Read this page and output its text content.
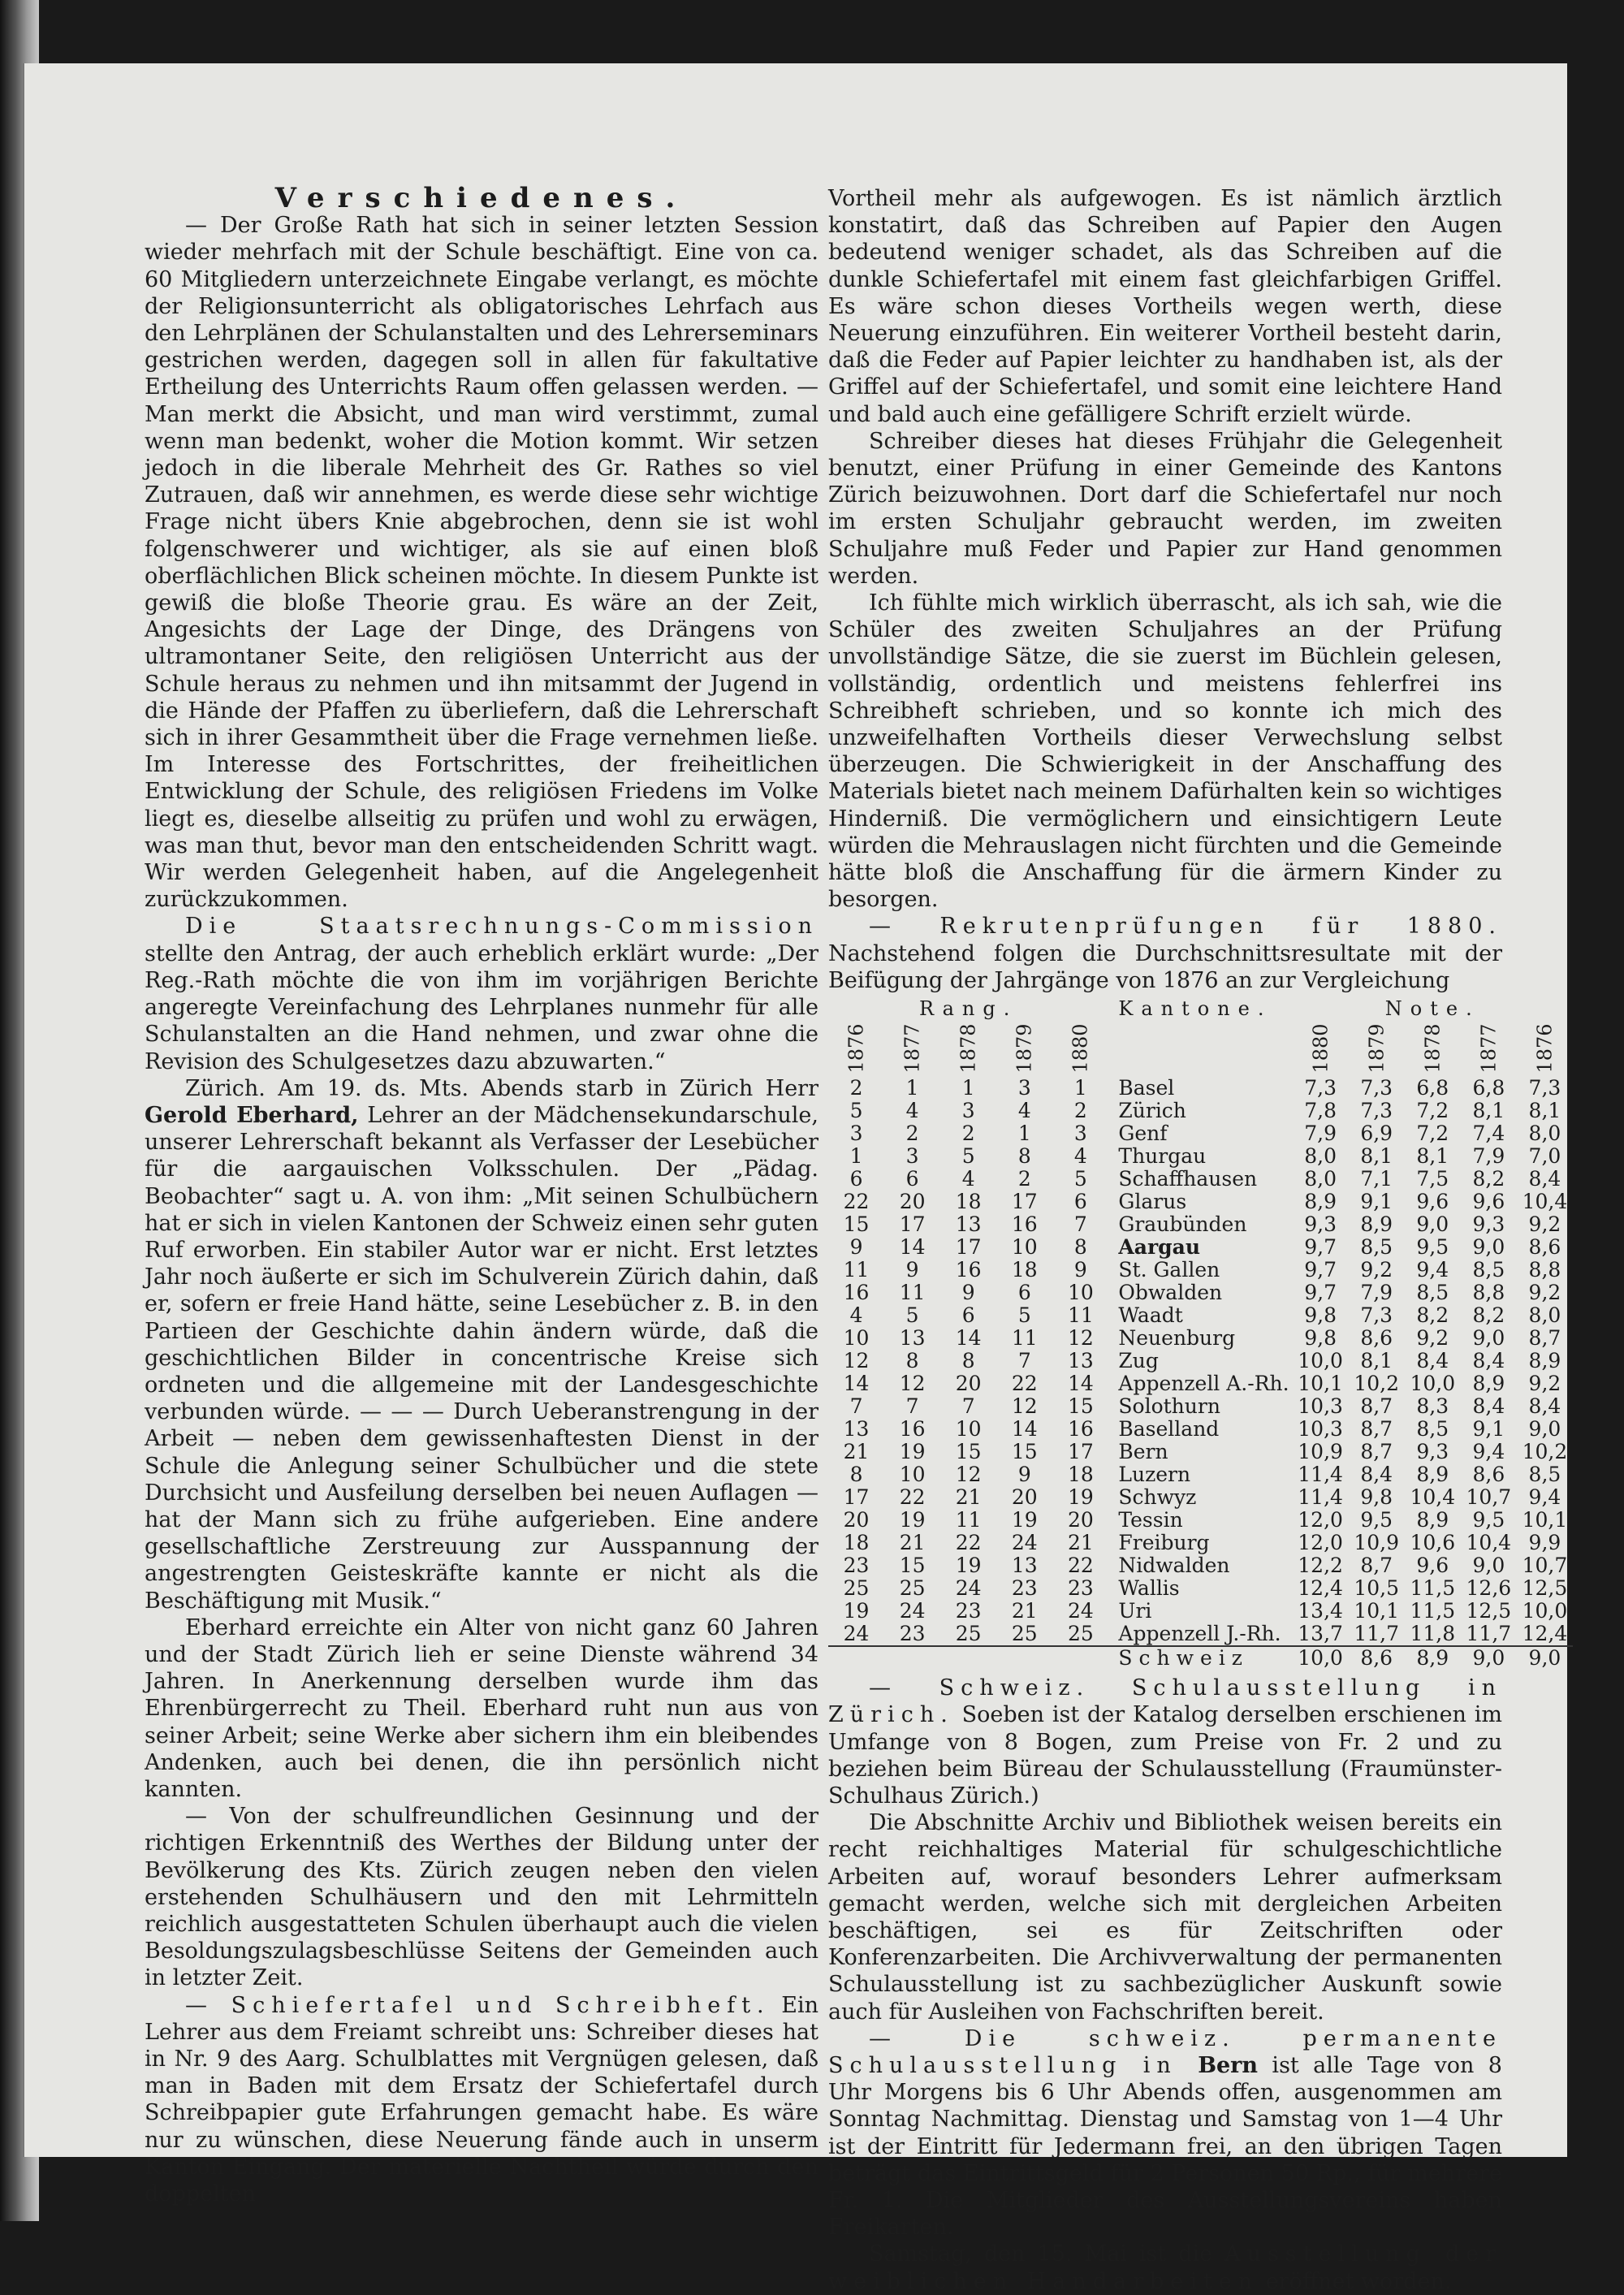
Verschiedenes.

— Der Große Rath hat sich in seiner letzten Session wieder mehrfach mit der Schule beschäftigt. Eine von ca. 60 Mitgliedern unterzeichnete Eingabe verlangt, es möchte der Religionsunterricht als obligatorisches Lehrfach aus den Lehrplänen der Schulanstalten und des Lehrerseminars gestrichen werden, dagegen soll in allen für fakultative Ertheilung des Unterrichts Raum offen gelassen werden. — Man merkt die Absicht, und man wird verstimmt, zumal wenn man bedenkt, woher die Motion kommt. Wir setzen jedoch in die liberale Mehrheit des Gr. Rathes so viel Zutrauen, daß wir annehmen, es werde diese sehr wichtige Frage nicht übers Knie abgebrochen, denn sie ist wohl folgenschwerer und wichtiger, als sie auf einen bloß oberflächlichen Blick scheinen möchte. In diesem Punkte ist gewiß die bloße Theorie grau. Es wäre an der Zeit, Angesichts der Lage der Dinge, des Drängens von ultramontaner Seite, den religiösen Unterricht aus der Schule heraus zu nehmen und ihn mitsammt der Jugend in die Hände der Pfaffen zu überliefern, daß die Lehrerschaft sich in ihrer Gesammtheit über die Frage vernehmen ließe. Im Interesse des Fortschrittes, der freiheitlichen Entwicklung der Schule, des religiösen Friedens im Volke liegt es, dieselbe allseitig zu prüfen und wohl zu erwägen, was man thut, bevor man den entscheidenden Schritt wagt. Wir werden Gelegenheit haben, auf die Angelegenheit zurückzukommen.

Die Staatsrechnungs-Commission stellte den Antrag, der auch erheblich erklärt wurde: „Der Reg.-Rath möchte die von ihm im vorjährigen Berichte angeregte Vereinfachung des Lehrplanes nunmehr für alle Schulanstalten an die Hand nehmen, und zwar ohne die Revision des Schulgesetzes dazu abzuwarten.“

Zürich. Am 19. ds. Mts. Abends starb in Zürich Herr Gerold Eberhard, Lehrer an der Mädchensekundarschule, unserer Lehrerschaft bekannt als Verfasser der Lesebücher für die aargauischen Volksschulen. Der „Pädag. Beobachter“ sagt u. A. von ihm: „Mit seinen Schulbüchern hat er sich in vielen Kantonen der Schweiz einen sehr guten Ruf erworben. Ein stabiler Autor war er nicht. Erst letztes Jahr noch äußerte er sich im Schulverein Zürich dahin, daß er, sofern er freie Hand hätte, seine Lesebücher z. B. in den Partieen der Geschichte dahin ändern würde, daß die geschichtlichen Bilder in concentrische Kreise sich ordneten und die allgemeine mit der Landesgeschichte verbunden würde. — — — Durch Ueberanstrengung in der Arbeit — neben dem gewissenhaftesten Dienst in der Schule die Anlegung seiner Schulbücher und die stete Durchsicht und Ausfeilung derselben bei neuen Auflagen — hat der Mann sich zu frühe aufgerieben. Eine andere gesellschaftliche Zerstreuung zur Ausspannung der angestrengten Geisteskräfte kannte er nicht als die Beschäftigung mit Musik.“

Eberhard erreichte ein Alter von nicht ganz 60 Jahren und der Stadt Zürich lieh er seine Dienste während 34 Jahren. In Anerkennung derselben wurde ihm das Ehrenbürgerrecht zu Theil. Eberhard ruht nun aus von seiner Arbeit; seine Werke aber sichern ihm ein bleibendes Andenken, auch bei denen, die ihn persönlich nicht kannten.

— Von der schulfreundlichen Gesinnung und der richtigen Erkenntniß des Werthes der Bildung unter der Bevölkerung des Kts. Zürich zeugen neben den vielen erstehenden Schulhäusern und den mit Lehrmitteln reichlich ausgestatteten Schulen überhaupt auch die vielen Besoldungszulagsbeschlüsse Seitens der Gemeinden auch in letzter Zeit.

— Schiefertafel und Schreibheft. Ein Lehrer aus dem Freiamt schreibt uns: Schreiber dieses hat in Nr. 9 des Aarg. Schulblattes mit Vergnügen gelesen, daß man in Baden mit dem Ersatz der Schiefertafel durch Schreibpapier gute Erfahrungen gemacht habe. Es wäre nur zu wünschen, diese Neuerung fände auch in unserm Kanton Eingang. Der materielle Nachtheil würde durch den doppelten

Vortheil mehr als aufgewogen. Es ist nämlich ärztlich konstatirt, daß das Schreiben auf Papier den Augen bedeutend weniger schadet, als das Schreiben auf die dunkle Schiefertafel mit einem fast gleichfarbigen Griffel. Es wäre schon dieses Vortheils wegen werth, diese Neuerung einzuführen. Ein weiterer Vortheil besteht darin, daß die Feder auf Papier leichter zu handhaben ist, als der Griffel auf der Schiefertafel, und somit eine leichtere Hand und bald auch eine gefälligere Schrift erzielt würde.

Schreiber dieses hat dieses Frühjahr die Gelegenheit benutzt, einer Prüfung in einer Gemeinde des Kantons Zürich beizuwohnen. Dort darf die Schiefertafel nur noch im ersten Schuljahr gebraucht werden, im zweiten Schuljahre muß Feder und Papier zur Hand genommen werden.

Ich fühlte mich wirklich überrascht, als ich sah, wie die Schüler des zweiten Schuljahres an der Prüfung unvollständige Sätze, die sie zuerst im Büchlein gelesen, vollständig, ordentlich und meistens fehlerfrei ins Schreibheft schrieben, und so konnte ich mich des unzweifelhaften Vortheils dieser Verwechslung selbst überzeugen. Die Schwierigkeit in der Anschaffung des Materials bietet nach meinem Dafürhalten kein so wichtiges Hinderniß. Die vermöglichern und einsichtigern Leute würden die Mehrauslagen nicht fürchten und die Gemeinde hätte bloß die Anschaffung für die ärmern Kinder zu besorgen.

— Rekrutenprüfungen für 1880. Nachstehend folgen die Durchschnittsresultate mit der Beifügung der Jahrgänge von 1876 an zur Vergleichung

Rang.					Kantone.	Note.				
1876	1877	1878	1879	1880		1880	1879	1878	1877	1876
2	1	1	3	1	Basel	7,3	7,3	6,8	6,8	7,3
5	4	3	4	2	Zürich	7,8	7,3	7,2	8,1	8,1
3	2	2	1	3	Genf	7,9	6,9	7,2	7,4	8,0
1	3	5	8	4	Thurgau	8,0	8,1	8,1	7,9	7,0
6	6	4	2	5	Schaffhausen	8,0	7,1	7,5	8,2	8,4
22	20	18	17	6	Glarus	8,9	9,1	9,6	9,6	10,4
15	17	13	16	7	Graubünden	9,3	8,9	9,0	9,3	9,2
9	14	17	10	8	Aargau	9,7	8,5	9,5	9,0	8,6
11	9	16	18	9	St. Gallen	9,7	9,2	9,4	8,5	8,8
16	11	9	6	10	Obwalden	9,7	7,9	8,5	8,8	9,2
4	5	6	5	11	Waadt	9,8	7,3	8,2	8,2	8,0
10	13	14	11	12	Neuenburg	9,8	8,6	9,2	9,0	8,7
12	8	8	7	13	Zug	10,0	8,1	8,4	8,4	8,9
14	12	20	22	14	Appenzell A.-Rh.	10,1	10,2	10,0	8,9	9,2
7	7	7	12	15	Solothurn	10,3	8,7	8,3	8,4	8,4
13	16	10	14	16	Baselland	10,3	8,7	8,5	9,1	9,0
21	19	15	15	17	Bern	10,9	8,7	9,3	9,4	10,2
8	10	12	9	18	Luzern	11,4	8,4	8,9	8,6	8,5
17	22	21	20	19	Schwyz	11,4	9,8	10,4	10,7	9,4
20	19	11	19	20	Tessin	12,0	9,5	8,9	9,5	10,1
18	21	22	24	21	Freiburg	12,0	10,9	10,6	10,4	9,9
23	15	19	13	22	Nidwalden	12,2	8,7	9,6	9,0	10,7
25	25	24	23	23	Wallis	12,4	10,5	11,5	12,6	12,5
19	24	23	21	24	Uri	13,4	10,1	11,5	12,5	10,0
24	23	25	25	25	Appenzell J.-Rh.	13,7	11,7	11,8	11,7	12,4
					Schweiz	10,0	8,6	8,9	9,0	9,0

— Schweiz. Schulausstellung in Zürich. Soeben ist der Katalog derselben erschienen im Umfange von 8 Bogen, zum Preise von Fr. 2 und zu beziehen beim Büreau der Schulausstellung (Fraumünster-Schulhaus Zürich.)

Die Abschnitte Archiv und Bibliothek weisen bereits ein recht reichhaltiges Material für schulgeschichtliche Arbeiten auf, worauf besonders Lehrer aufmerksam gemacht werden, welche sich mit dergleichen Arbeiten beschäftigen, sei es für Zeitschriften oder Konferenzarbeiten. Die Archivverwaltung der permanenten Schulausstellung ist zu sachbezüglicher Auskunft sowie auch für Ausleihen von Fachschriften bereit.

— Die schweiz. permanente Schulausstellung in Bern ist alle Tage von 8 Uhr Morgens bis 6 Uhr Abends offen, ausgenommen am Sonntag Nachmittag. Dienstag und Samstag von 1—4 Uhr ist der Eintritt für Jedermann frei, an den übrigen Tagen beträgt das Eintrittsgeld für 2 Personen 50 Rp., für mehrere Fr. 1. Die Mitglieder des Ausstellungsvereins haben Freikarten.

Samstag, den 15. Mai ist die Ausstellung der weiblichen Handarbeiten eröffnet worden.
